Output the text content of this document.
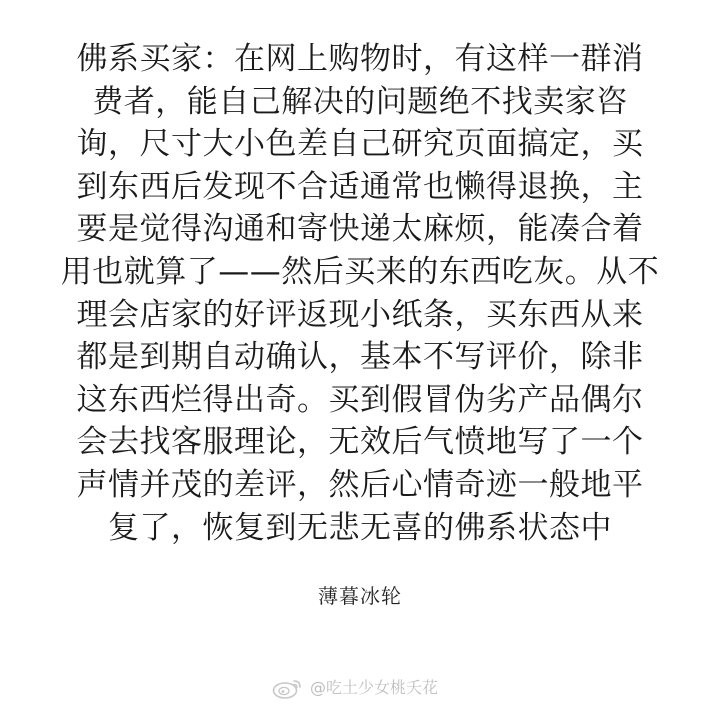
佛系买家：在网上购物时，有这样一群消
费者，能自己解决的问题绝不找卖家咨
询，尺寸大小色差自己研究页面搞定，买
到东西后发现不合适通常也懒得退换，主
要是觉得沟通和寄快递太麻烦，能凑合着
用也就算了——然后买来的东西吃灰。从不
理会店家的好评返现小纸条，买东西从来
都是到期自动确认，基本不写评价，除非
这东西烂得出奇。买到假冒伪劣产品偶尔
会去找客服理论，无效后气愤地写了一个
声情并茂的差评，然后心情奇迹一般地平
复了，恢复到无悲无喜的佛系状态中
薄暮冰轮
@吃土少女桃夭花
